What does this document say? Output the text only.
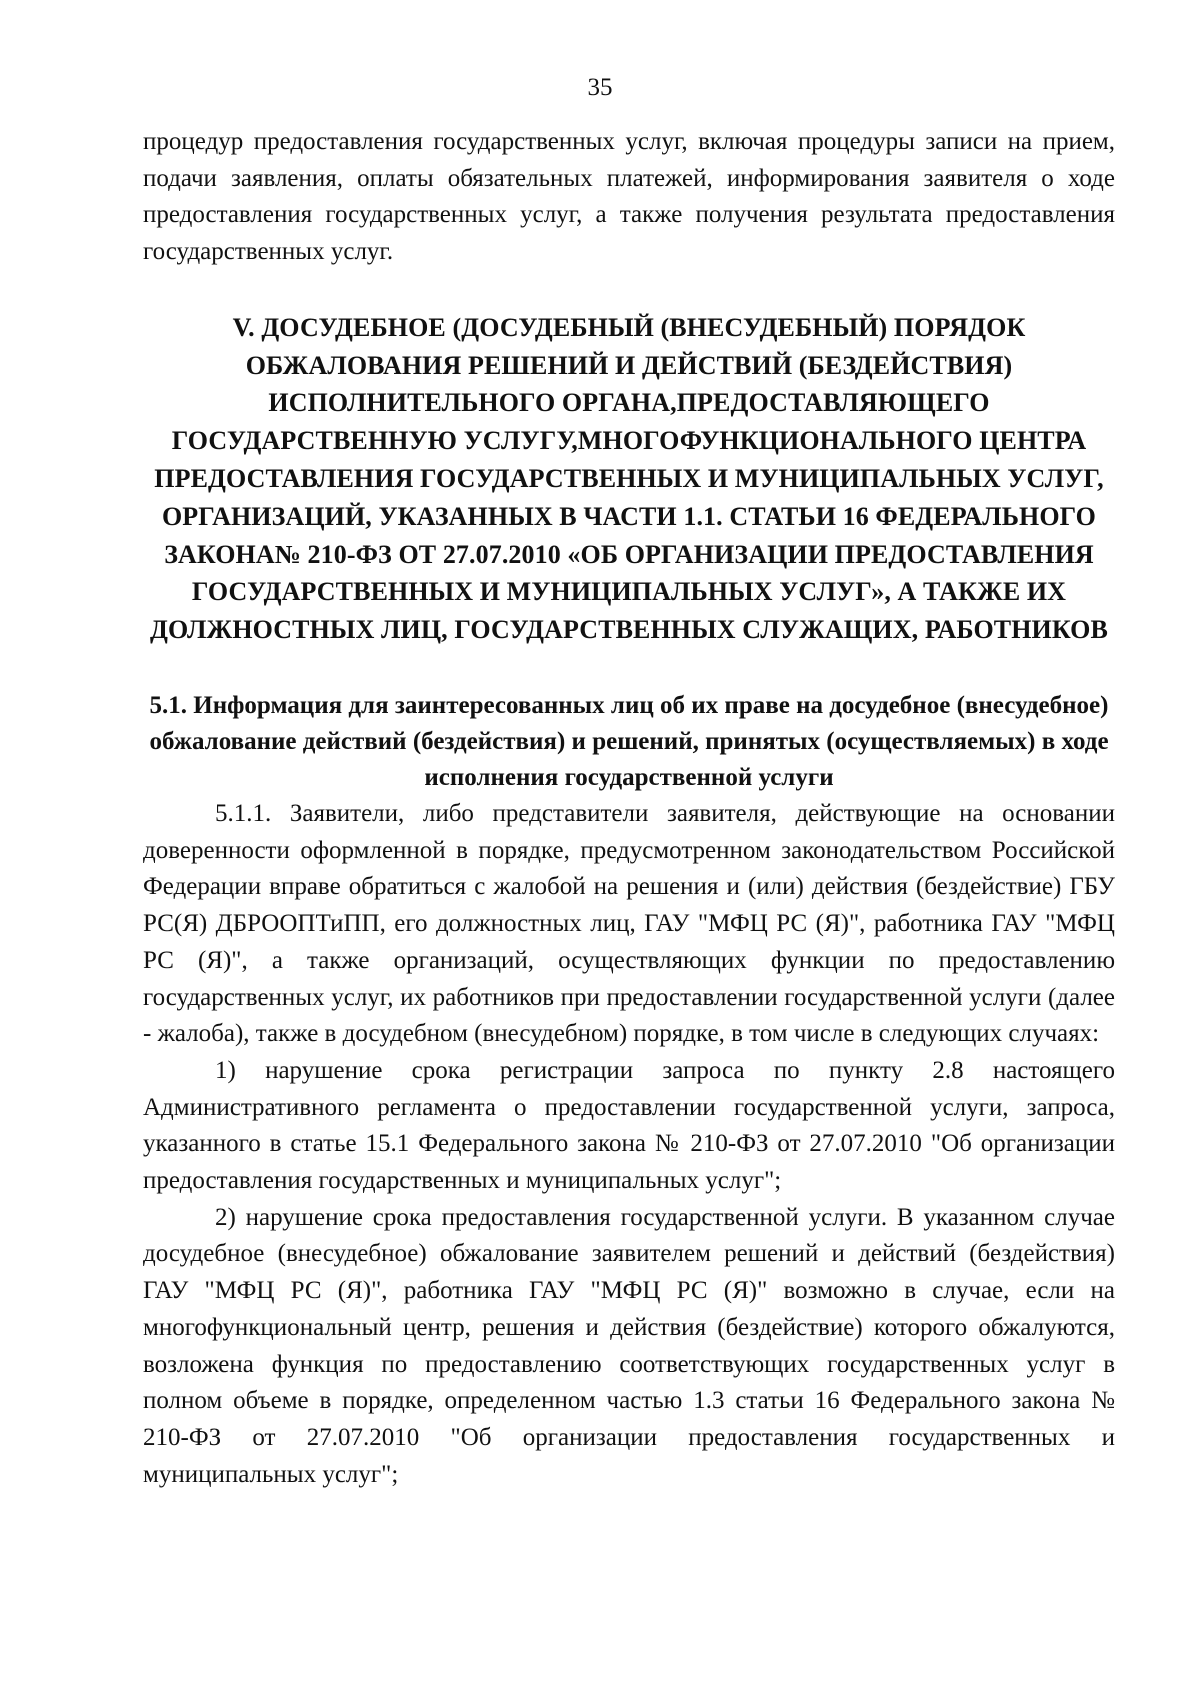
35

процедур предоставления государственных услуг, включая процедуры записи на прием, подачи заявления, оплаты обязательных платежей, информирования заявителя о ходе предоставления государственных услуг, а также получения результата предоставления государственных услуг.

V. ДОСУДЕБНОЕ (ДОСУДЕБНЫЙ (ВНЕСУДЕБНЫЙ) ПОРЯДОК ОБЖАЛОВАНИЯ РЕШЕНИЙ И ДЕЙСТВИЙ (БЕЗДЕЙСТВИЯ) ИСПОЛНИТЕЛЬНОГО ОРГАНА,ПРЕДОСТАВЛЯЮЩЕГО ГОСУДАРСТВЕННУЮ УСЛУГУ,МНОГОФУНКЦИОНАЛЬНОГО ЦЕНТРА ПРЕДОСТАВЛЕНИЯ ГОСУДАРСТВЕННЫХ И МУНИЦИПАЛЬНЫХ УСЛУГ, ОРГАНИЗАЦИЙ, УКАЗАННЫХ В ЧАСТИ 1.1. СТАТЬИ 16 ФЕДЕРАЛЬНОГО ЗАКОНА№ 210-ФЗ ОТ 27.07.2010 «ОБ ОРГАНИЗАЦИИ ПРЕДОСТАВЛЕНИЯ ГОСУДАРСТВЕННЫХ И МУНИЦИПАЛЬНЫХ УСЛУГ», А ТАКЖЕ ИХ ДОЛЖНОСТНЫХ ЛИЦ, ГОСУДАРСТВЕННЫХ СЛУЖАЩИХ, РАБОТНИКОВ
5.1. Информация для заинтересованных лиц об их праве на досудебное (внесудебное) обжалование действий (бездействия) и решений, принятых (осуществляемых) в ходе исполнения государственной услуги

5.1.1. Заявители, либо представители заявителя, действующие на основании доверенности оформленной в порядке, предусмотренном законодательством Российской Федерации вправе обратиться с жалобой на решения и (или) действия (бездействие) ГБУ РС(Я) ДБРООПТиПП, его должностных лиц, ГАУ "МФЦ РС (Я)", работника ГАУ "МФЦ РС (Я)", а также организаций, осуществляющих функции по предоставлению государственных услуг, их работников при предоставлении государственной услуги (далее - жалоба), также в досудебном (внесудебном) порядке, в том числе в следующих случаях:

1) нарушение срока регистрации запроса по пункту 2.8 настоящего Административного регламента о предоставлении государственной услуги, запроса, указанного в статье 15.1 Федерального закона № 210-ФЗ от 27.07.2010 "Об организации предоставления государственных и муниципальных услуг";

2) нарушение срока предоставления государственной услуги. В указанном случае досудебное (внесудебное) обжалование заявителем решений и действий (бездействия) ГАУ "МФЦ РС (Я)", работника ГАУ "МФЦ РС (Я)" возможно в случае, если на многофункциональный центр, решения и действия (бездействие) которого обжалуются, возложена функция по предоставлению соответствующих государственных услуг в полном объеме в порядке, определенном частью 1.3 статьи 16 Федерального закона № 210-ФЗ от 27.07.2010 "Об организации предоставления государственных и муниципальных услуг";
